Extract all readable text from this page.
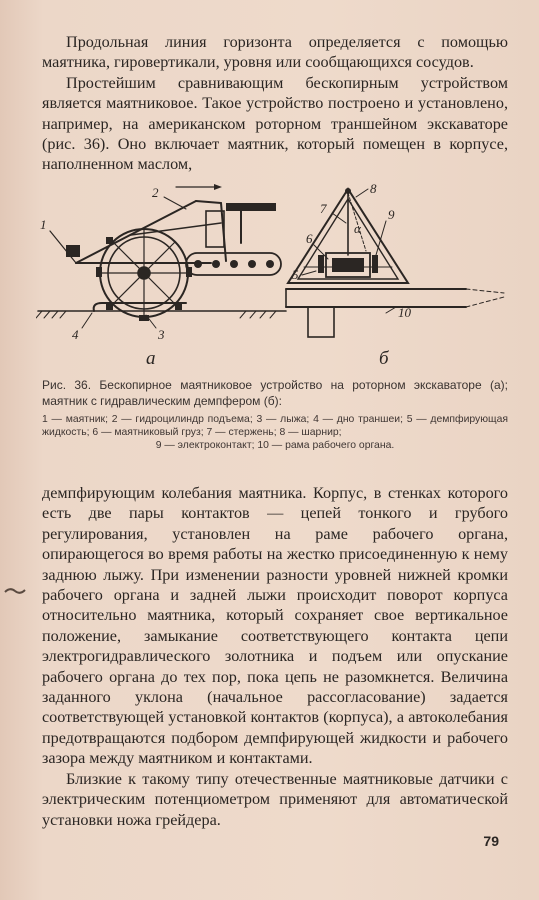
Продольная линия горизонта определяется с помощью маятника, гировертикали, уровня или сообщающихся сосудов.

Простейшим сравнивающим бескопирным устройством является маятниковое. Такое устройство построено и установлено, например, на американском роторном траншейном экскаваторе (рис. 36). Оно включает маятник, который помещен в корпусе, наполненном маслом,

1
2
3
4
5
6
7
8
9
10
α
а	б

Рис. 36. Бескопирное маятниковое устройство на роторном экскаваторе (а); маятник с гидравлическим демпфером (б):

1 — маятник; 2 — гидроцилиндр подъема; 3 — лыжа; 4 — дно траншеи; 5 — демпфирующая жидкость; 6 — маятниковый груз; 7 — стержень; 8 — шарнир;

9 — электроконтакт; 10 — рама рабочего органа.

демпфирующим колебания маятника. Корпус, в стенках которого есть две пары контактов — цепей тонкого и грубого регулирования, установлен на раме рабочего органа, опирающегося во время работы на жестко присоединенную к нему заднюю лыжу. При изменении разности уровней нижней кромки рабочего органа и задней лыжи происходит поворот корпуса относительно маятника, который сохраняет свое вертикальное положение, замыкание соответствующего контакта цепи электрогидравлического золотника и подъем или опускание рабочего органа до тех пор, пока цепь не разомкнется. Величина заданного уклона (начальное рассогласование) задается соответствующей установкой контактов (корпуса), а автоколебания предотвращаются подбором демпфирующей жидкости и рабочего зазора между маятником и контактами.

Близкие к такому типу отечественные маятниковые датчики с электрическим потенциометром применяют для автоматической установки ножа грейдера.

79
